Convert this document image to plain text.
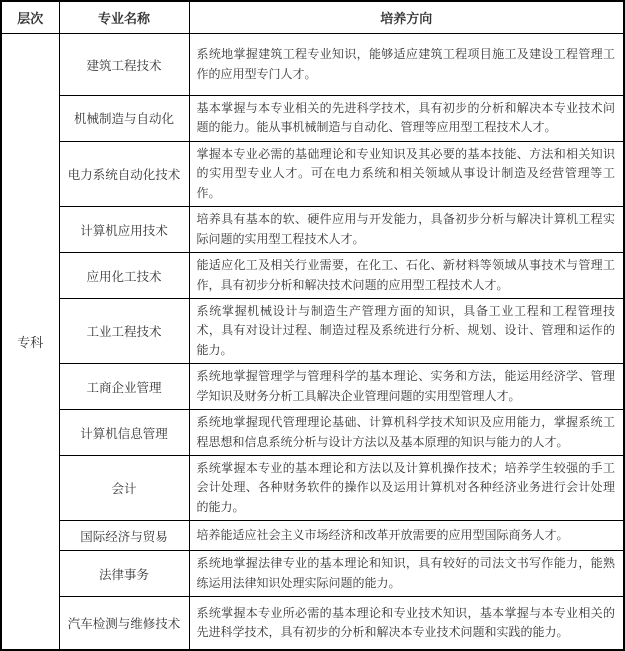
层次	专业名称	培养方向
专科	建筑工程技术	系统地掌握建筑工程专业知识，能够适应建筑工程项目施工及建设工程管理工作的应用型专门人才。
	机械制造与自动化	基本掌握与本专业相关的先进科学技术，具有初步的分析和解决本专业技术问题的能力。能从事机械制造与自动化、管理等应用型工程技术人才。
	电力系统自动化技术	掌握本专业必需的基础理论和专业知识及其必要的基本技能、方法和相关知识的实用型专业人才。可在电力系统和相关领域从事设计制造及经营管理等工作。
	计算机应用技术	培养具有基本的软、硬件应用与开发能力，具备初步分析与解决计算机工程实际问题的实用型工程技术人才。
	应用化工技术	能适应化工及相关行业需要，在化工、石化、新材料等领域从事技术与管理工作，具有初步分析和解决技术问题的应用型工程技术人才。
	工业工程技术	系统掌握机械设计与制造生产管理方面的知识，具备工业工程和工程管理技术，具有对设计过程、制造过程及系统进行分析、规划、设计、管理和运作的能力。
	工商企业管理	系统地掌握管理学与管理科学的基本理论、实务和方法，能运用经济学、管理学知识及财务分析工具解决企业管理问题的实用型管理人才。
	计算机信息管理	系统地掌握现代管理理论基础、计算机科学技术知识及应用能力，掌握系统工程思想和信息系统分析与设计方法以及基本原理的知识与能力的人才。
	会计	系统掌握本专业的基本理论和方法以及计算机操作技术；培养学生较强的手工会计处理、各种财务软件的操作以及运用计算机对各种经济业务进行会计处理的能力。
	国际经济与贸易	培养能适应社会主义市场经济和改革开放需要的应用型国际商务人才。
	法律事务	系统地掌握法律专业的基本理论和知识，具有较好的司法文书写作能力，能熟练运用法律知识处理实际问题的能力。
	汽车检测与维修技术	系统掌握本专业所必需的基本理论和专业技术知识，基本掌握与本专业相关的先进科学技术，具有初步的分析和解决本专业技术问题和实践的能力。
